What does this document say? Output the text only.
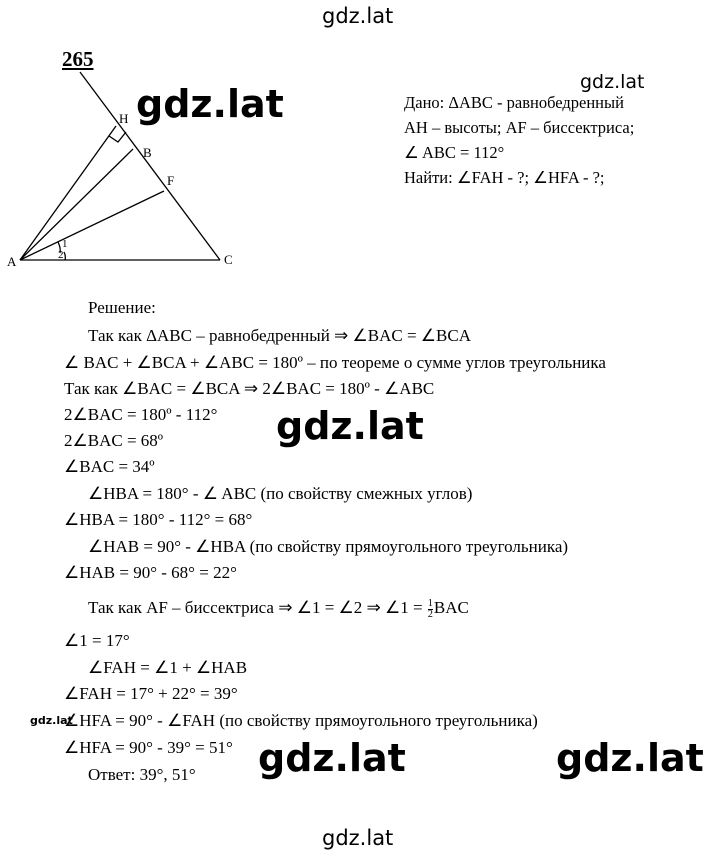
gdz.lat
gdz.lat
265
H
B
F
A	C
1
2
Дано: ΔABC - равнобедренный
AH – высоты; AF – биссектриса;
∠ ABC = 112°
Найти: ∠FAH - ?; ∠HFA - ?;
Решение:
Так как ΔABC – равнобедренный ⇒ ∠BAC = ∠BCA
∠ BAC + ∠BCA + ∠ABC = 180º – по теореме о сумме углов треугольника
Так как ∠BAC = ∠BCA ⇒ 2∠BAC = 180º - ∠ABC
2∠BAC = 180º - 112°
2∠BAC = 68º
∠BAC = 34º
∠HBA = 180° - ∠ ABC (по свойству смежных углов)
∠HBA = 180° - 112° = 68°
∠HAB = 90° - ∠HBA (по свойству прямоугольного треугольника)
∠HAB = 90° - 68° = 22°
Так как AF – биссектриса ⇒ ∠1 = ∠2 ⇒ ∠1 = $\frac{1}{2}$ BAC
∠1 = 17°
∠FAH = ∠1 + ∠HAB
∠FAH = 17° + 22° = 39°
∠HFA = 90° - ∠FAH (по свойству прямоугольного треугольника)
∠HFA = 90° - 39° = 51°
Ответ: 39°, 51°
gdz.lat
gdz.lat
gdz.lat	gdz.lat
gdz.lat
gdz.lat
